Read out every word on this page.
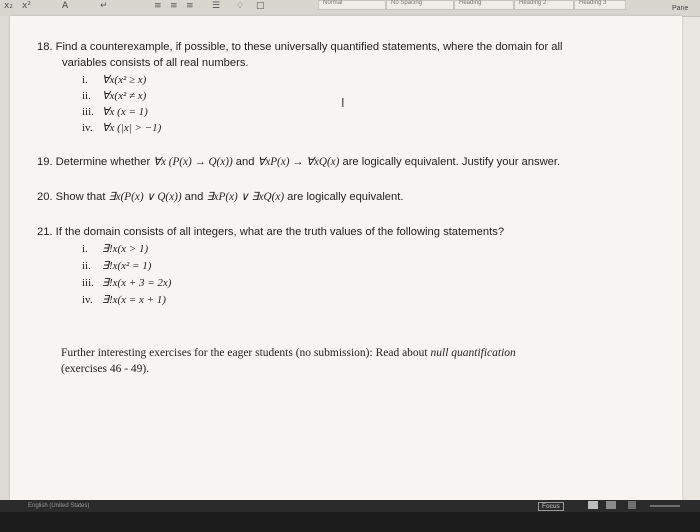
x₂ x²	A	↵	≡ ≡ ≡ ☰ ♢ □	Normal	No Spacing	Heading	Heading 2	Heading 3
Pane
18. Find a counterexample, if possible, to these universally quantified statements, where the domain for all
variables consists of all real numbers.
i. ∀x(x² ≥ x)
ii. ∀x(x² ≠ x)
iii. ∀x (x = 1)
iv. ∀x (|x| > −1)
I
19. Determine whether ∀x (P(x) → Q(x)) and ∀xP(x) → ∀xQ(x) are logically equivalent. Justify your answer.
20. Show that ∃x(P(x) ∨ Q(x)) and ∃xP(x) ∨ ∃xQ(x) are logically equivalent.
21. If the domain consists of all integers, what are the truth values of the following statements?
i. ∃!x(x > 1)
ii. ∃!x(x² = 1)
iii. ∃!x(x + 3 = 2x)
iv. ∃!x(x = x + 1)
Further interesting exercises for the eager students (no submission): Read about null quantification
(exercises 46 - 49).
English (United States)	Focus
